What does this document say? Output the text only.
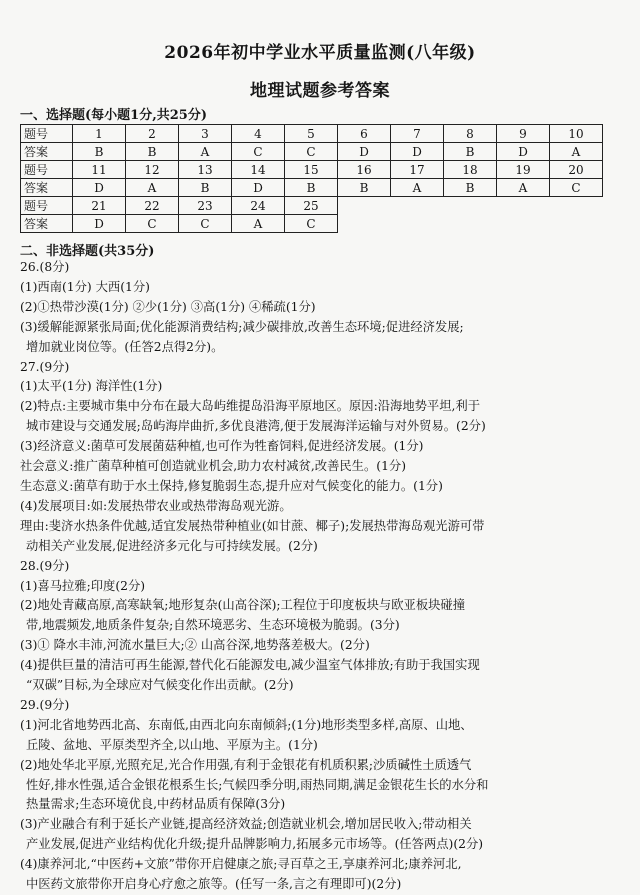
2026年初中学业水平质量监测(八年级)
地理试题参考答案
一、选择题(每小题1分,共25分)
题号	1	2	3	4	5	6	7	8	9	10
答案	B	B	A	C	C	D	D	B	D	A
题号	11	12	13	14	15	16	17	18	19	20
答案	D	A	B	D	B	B	A	B	A	C
题号	21	22	23	24	25					
答案	D	C	C	A	C					
二、非选择题(共35分)

26.(8分)

(1)西南(1分) 大西(1分)

(2)①热带沙漠(1分) ②少(1分) ③高(1分) ④稀疏(1分)

(3)缓解能源紧张局面;优化能源消费结构;减少碳排放,改善生态环境;促进经济发展;

增加就业岗位等。(任答2点得2分)。

27.(9分)

(1)太平(1分) 海洋性(1分)

(2)特点:主要城市集中分布在最大岛屿维提岛沿海平原地区。原因:沿海地势平坦,利于

城市建设与交通发展;岛屿海岸曲折,多优良港湾,便于发展海洋运输与对外贸易。(2分)

(3)经济意义:菌草可发展菌菇种植,也可作为牲畜饲料,促进经济发展。(1分)

社会意义:推广菌草种植可创造就业机会,助力农村减贫,改善民生。(1分)

生态意义:菌草有助于水土保持,修复脆弱生态,提升应对气候变化的能力。(1分)

(4)发展项目:如:发展热带农业或热带海岛观光游。

理由:斐济水热条件优越,适宜发展热带种植业(如甘蔗、椰子);发展热带海岛观光游可带

动相关产业发展,促进经济多元化与可持续发展。(2分)

28.(9分)

(1)喜马拉雅;印度(2分)

(2)地处青藏高原,高寒缺氧;地形复杂(山高谷深);工程位于印度板块与欧亚板块碰撞

带,地震频发,地质条件复杂;自然环境恶劣、生态环境极为脆弱。(3分)

(3)① 降水丰沛,河流水量巨大;② 山高谷深,地势落差极大。(2分)

(4)提供巨量的清洁可再生能源,替代化石能源发电,减少温室气体排放;有助于我国实现

“双碳”目标,为全球应对气候变化作出贡献。(2分)

29.(9分)

(1)河北省地势西北高、东南低,由西北向东南倾斜;(1分)地形类型多样,高原、山地、

丘陵、盆地、平原类型齐全,以山地、平原为主。(1分)

(2)地处华北平原,光照充足,光合作用强,有利于金银花有机质积累;沙质碱性土质透气

性好,排水性强,适合金银花根系生长;气候四季分明,雨热同期,满足金银花生长的水分和

热量需求;生态环境优良,中药材品质有保障(3分)

(3)产业融合有利于延长产业链,提高经济效益;创造就业机会,增加居民收入;带动相关

产业发展,促进产业结构优化升级;提升品牌影响力,拓展多元市场等。(任答两点)(2分)

(4)康养河北,“中医药+文旅”带你开启健康之旅;寻百草之王,享康养河北;康养河北,

中医药文旅带你开启身心疗愈之旅等。(任写一条,言之有理即可)(2分)
